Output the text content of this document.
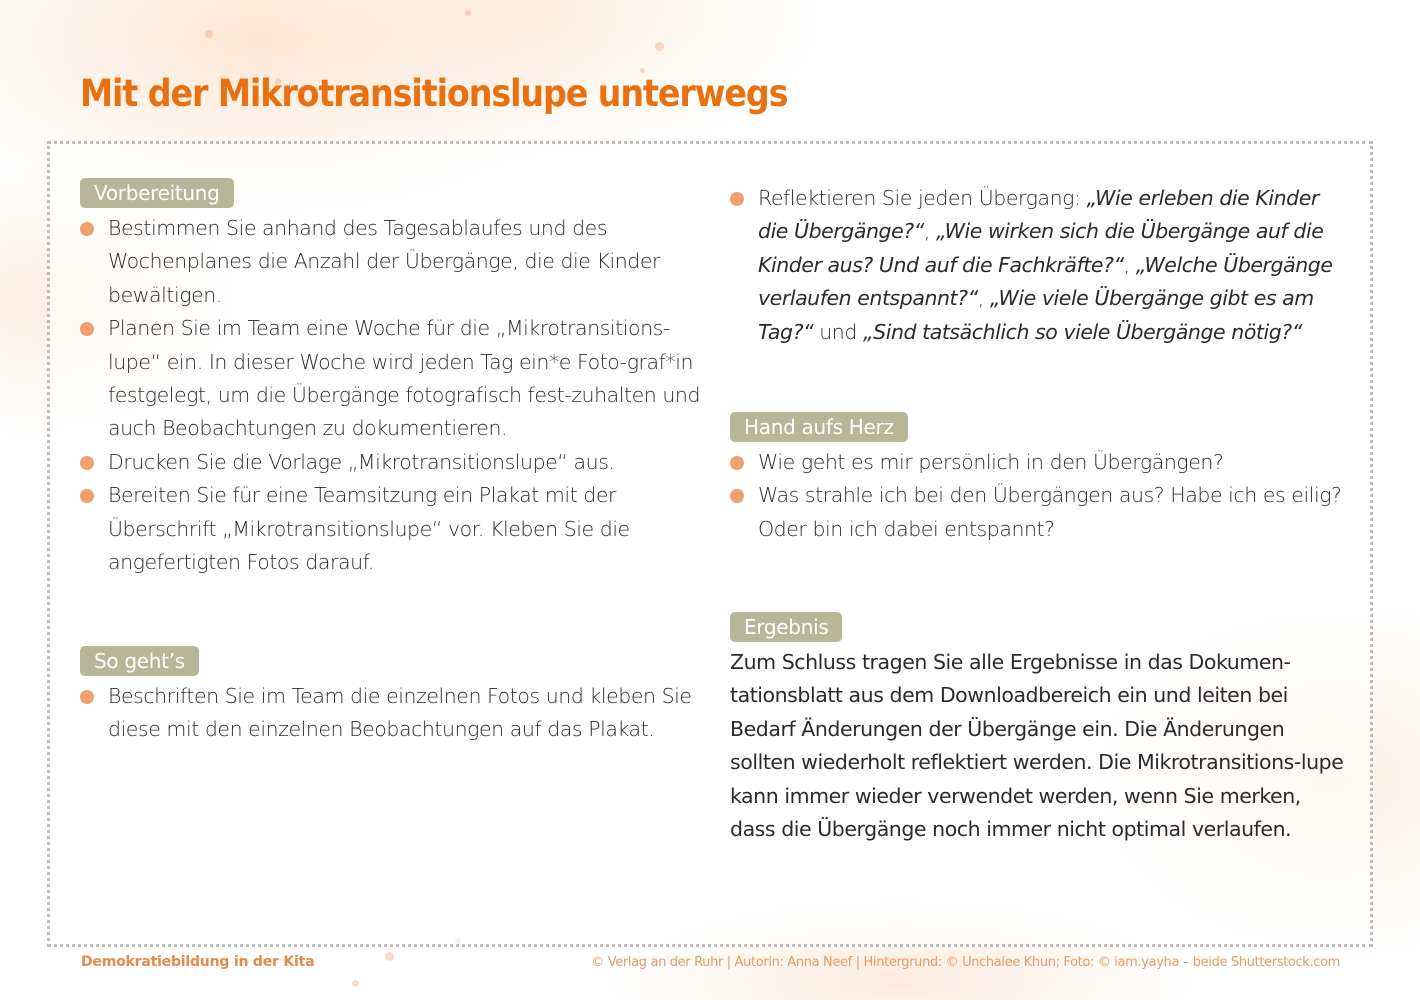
Mit der Mikrotransitionslupe unterwegs
Vorbereitung
Bestimmen Sie anhand des Tagesablaufes und des Wochenplanes die Anzahl der Übergänge, die die Kinder bewältigen.
Planen Sie im Team eine Woche für die „Mikrotransitions-lupe“ ein. In dieser Woche wird jeden Tag ein*e Foto-graf*in festgelegt, um die Übergänge fotografisch fest-zuhalten und auch Beobachtungen zu dokumentieren.
Drucken Sie die Vorlage „Mikrotransitionslupe“ aus.
Bereiten Sie für eine Teamsitzung ein Plakat mit der Überschrift „Mikrotransitionslupe“ vor. Kleben Sie die angefertigten Fotos darauf.
So geht’s
Beschriften Sie im Team die einzelnen Fotos und kleben Sie diese mit den einzelnen Beobachtungen auf das Plakat.
Reflektieren Sie jeden Übergang: „Wie erleben die Kinder die Übergänge?“, „Wie wirken sich die Übergänge auf die Kinder aus? Und auf die Fachkräfte?“, „Welche Übergänge verlaufen entspannt?“, „Wie viele Übergänge gibt es am Tag?“ und „Sind tatsächlich so viele Übergänge nötig?“
Hand aufs Herz
Wie geht es mir persönlich in den Übergängen?
Was strahle ich bei den Übergängen aus? Habe ich es eilig? Oder bin ich dabei entspannt?
Ergebnis

Zum Schluss tragen Sie alle Ergebnisse in das Dokumen-tationsblatt aus dem Downloadbereich ein und leiten bei Bedarf Änderungen der Übergänge ein. Die Änderungen sollten wiederholt reflektiert werden. Die Mikrotransitions-lupe kann immer wieder verwendet werden, wenn Sie merken, dass die Übergänge noch immer nicht optimal verlaufen.

Demokratiebildung in der Kita	© Verlag an der Ruhr | Autorin: Anna Neef | Hintergrund: © Unchalee Khun; Foto: © iam.yayha – beide Shutterstock.com
